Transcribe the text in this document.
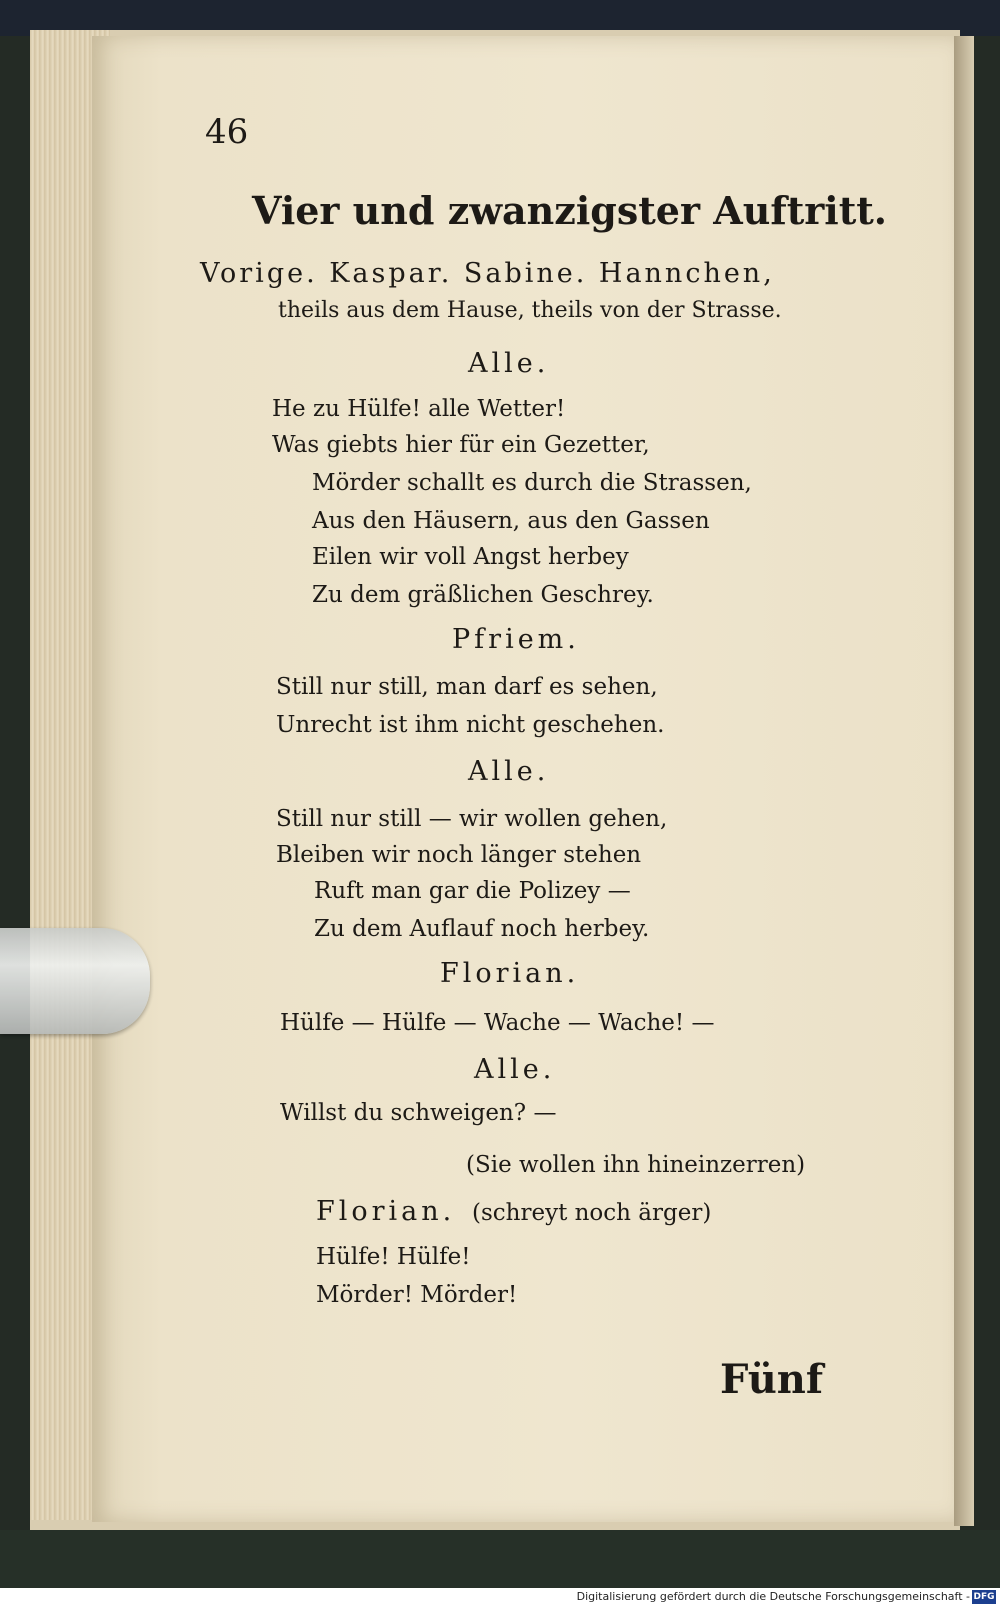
46
Vier und zwanzigster Auftritt.
Vorige. Kaspar. Sabine. Hannchen,
theils aus dem Hause, theils von der Strasse.
Alle.
He zu Hülfe! alle Wetter!
Was giebts hier für ein Gezetter,
Mörder schallt es durch die Strassen,
Aus den Häusern, aus den Gassen
Eilen wir voll Angst herbey
Zu dem gräßlichen Geschrey.
Pfriem.
Still nur still, man darf es sehen,
Unrecht ist ihm nicht geschehen.
Alle.
Still nur still — wir wollen gehen,
Bleiben wir noch länger stehen
Ruft man gar die Polizey —
Zu dem Auflauf noch herbey.
Florian.
Hülfe — Hülfe — Wache — Wache! —
Alle.
Willst du schweigen? —
(Sie wollen ihn hineinzerren)
Florian. (schreyt noch ärger)
Hülfe! Hülfe!
Mörder! Mörder!
Fünf
Digitalisierung gefördert durch die Deutsche Forschungsgemeinschaft - DFG
